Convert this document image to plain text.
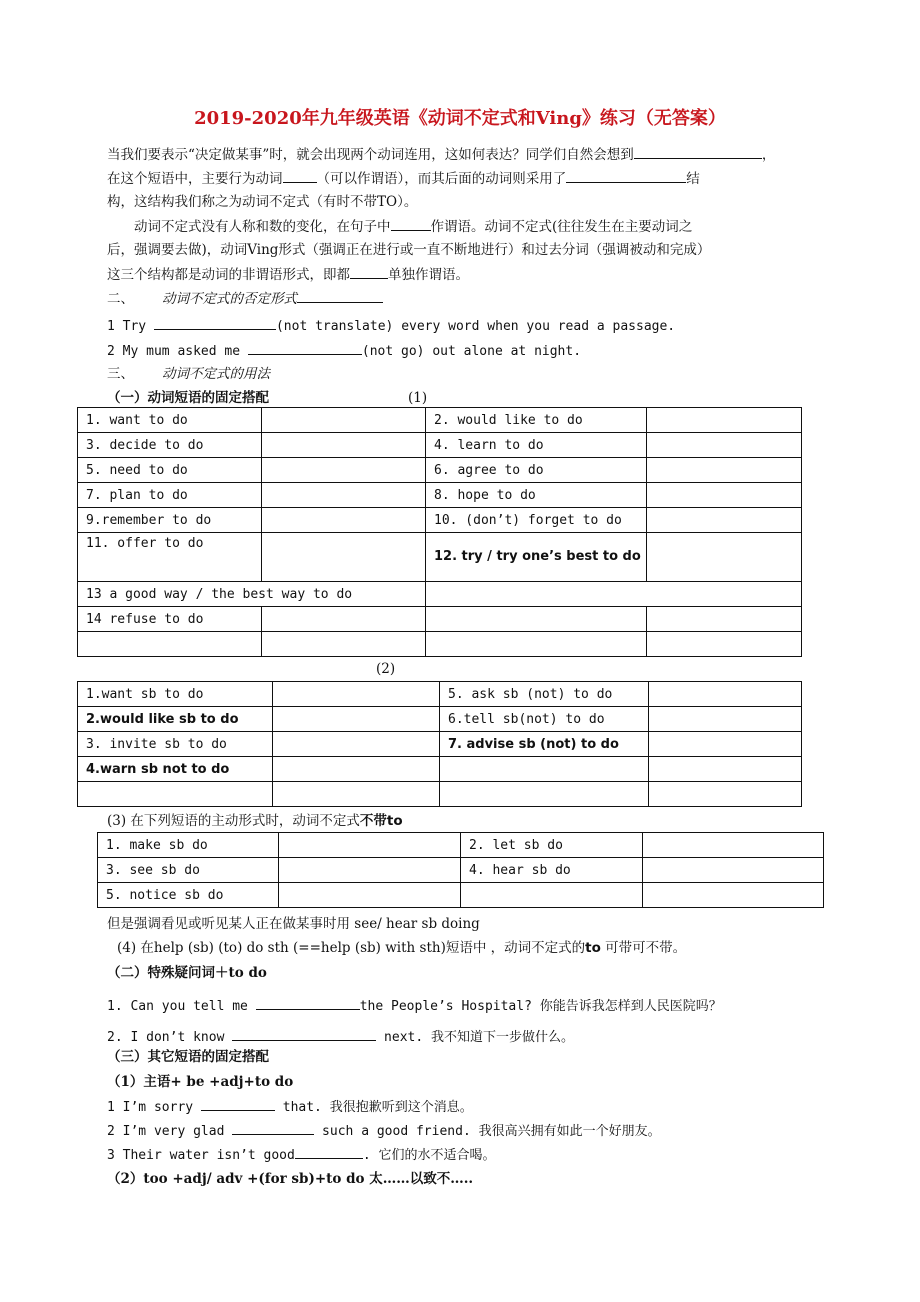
2019-2020年九年级英语《动词不定式和Ving》练习（无答案）
当我们要表示“决定做某事”时，就会出现两个动词连用，这如何表达？同学们自然会想到	，
在这个短语中，主要行为动词	（可以作谓语），而其后面的动词则采用了	结
构，这结构我们称之为动词不定式（有时不带TO）。
动词不定式没有人称和数的变化，在句子中	作谓语。动词不定式(往往发生在主要动词之
后，强调要去做)，动词Ving形式（强调正在进行或一直不断地进行）和过去分词（强调被动和完成）
这三个结构都是动词的非谓语形式，即都	单独作谓语。
二、 动词不定式的否定形式
1 Try	(not translate) every word when you read a passage.
2 My mum asked me	(not go) out alone at night.
三、 动词不定式的用法
（一）动词短语的固定搭配	(1)
1. want to do		2. would like to do	
3. decide to do		4. learn to do	
5. need to do		6. agree to do	
7. plan to do		8. hope to do	
9.remember to do		10. (don’t) forget to do	
11. offer to do		12. try / try one’s best to do	
13 a good way / the best way to do			
14 refuse to do			

(2)
1.want sb to do		5. ask sb (not) to do	
2.would like sb to do		6.tell sb(not) to do	
3. invite sb to do		7. advise sb (not) to do	
4.warn sb not to do			

(3) 在下列短语的主动形式时，动词不定式不带to
1. make sb do		2. let sb do	
3. see sb do		4. hear sb do	
5. notice sb do			
但是强调看见或听见某人正在做某事时用 see/ hear sb doing
(4) 在help (sb) (to) do sth (==help (sb) with sth)短语中 ，动词不定式的to 可带可不带。
（二）特殊疑问词＋to do
1. Can you tell me	the People’s Hospital? 你能告诉我怎样到人民医院吗？
2. I don’t know	next. 我不知道下一步做什么。
（三）其它短语的固定搭配
（1）主语+ be +adj+to do
1 I’m sorry	that. 我很抱歉听到这个消息。
2 I’m very glad	such a good friend. 我很高兴拥有如此一个好朋友。
3 Their water isn’t good	. 它们的水不适合喝。
（2）too +adj/ adv +(for sb)+to do 太……以致不…..
